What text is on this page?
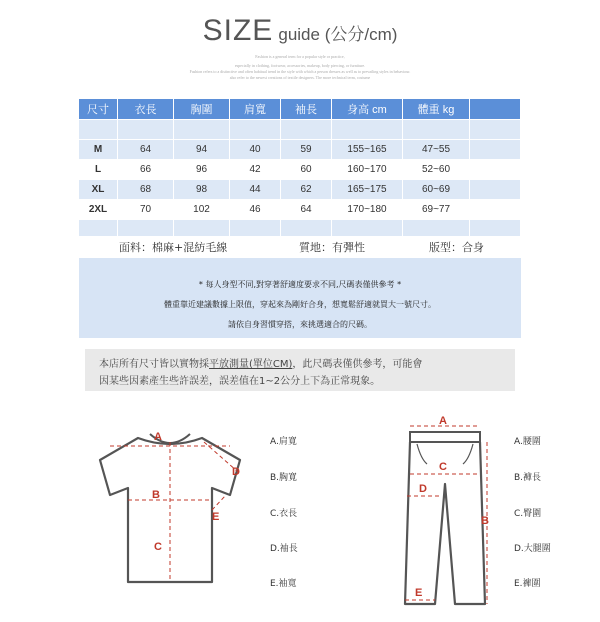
SIZE guide (公分/cm)
Fashion is a general term for a popular style or practice,
especially in clothing, footwear, accessories, makeup, body piercing, or furniture.
Fashion refers to a distinctive and often habitual trend in the style with which a person dresses as well as to prevailing styles in behaviour.
also refer to the newest creations of textile designers. The more technical term, costume
尺寸	衣長	胸圍	肩寬	袖長	身高 cm	體重 kg	

M	64	94	40	59	155~165	47~55	
L	66	96	42	60	160~170	52~60	
XL	68	98	44	62	165~175	60~69	
2XL	70	102	46	64	170~180	69~77	

面料：棉麻+混紡毛線	質地：有彈性	版型：合身
* 每人身型不同,對穿著舒適度要求不同,尺碼表僅供參考 *
體重靠近建議數據上限值，穿起來為剛好合身，想寬鬆舒適就買大一號尺寸。
請依自身習慣穿搭，來挑選適合的尺碼。
本店所有尺寸皆以實物採平放測量(單位CM)，此尺碼表僅供參考，可能會
因某些因素產生些許誤差，誤差值在1~2公分上下為正常現象。
A
B
C
D
E
A.肩寬
B.胸寬
C.衣長
D.袖長
E.袖寬
A
B
C
D
E
A.腰圍
B.褲長
C.臀圍
D.大腿圍
E.褲圍
